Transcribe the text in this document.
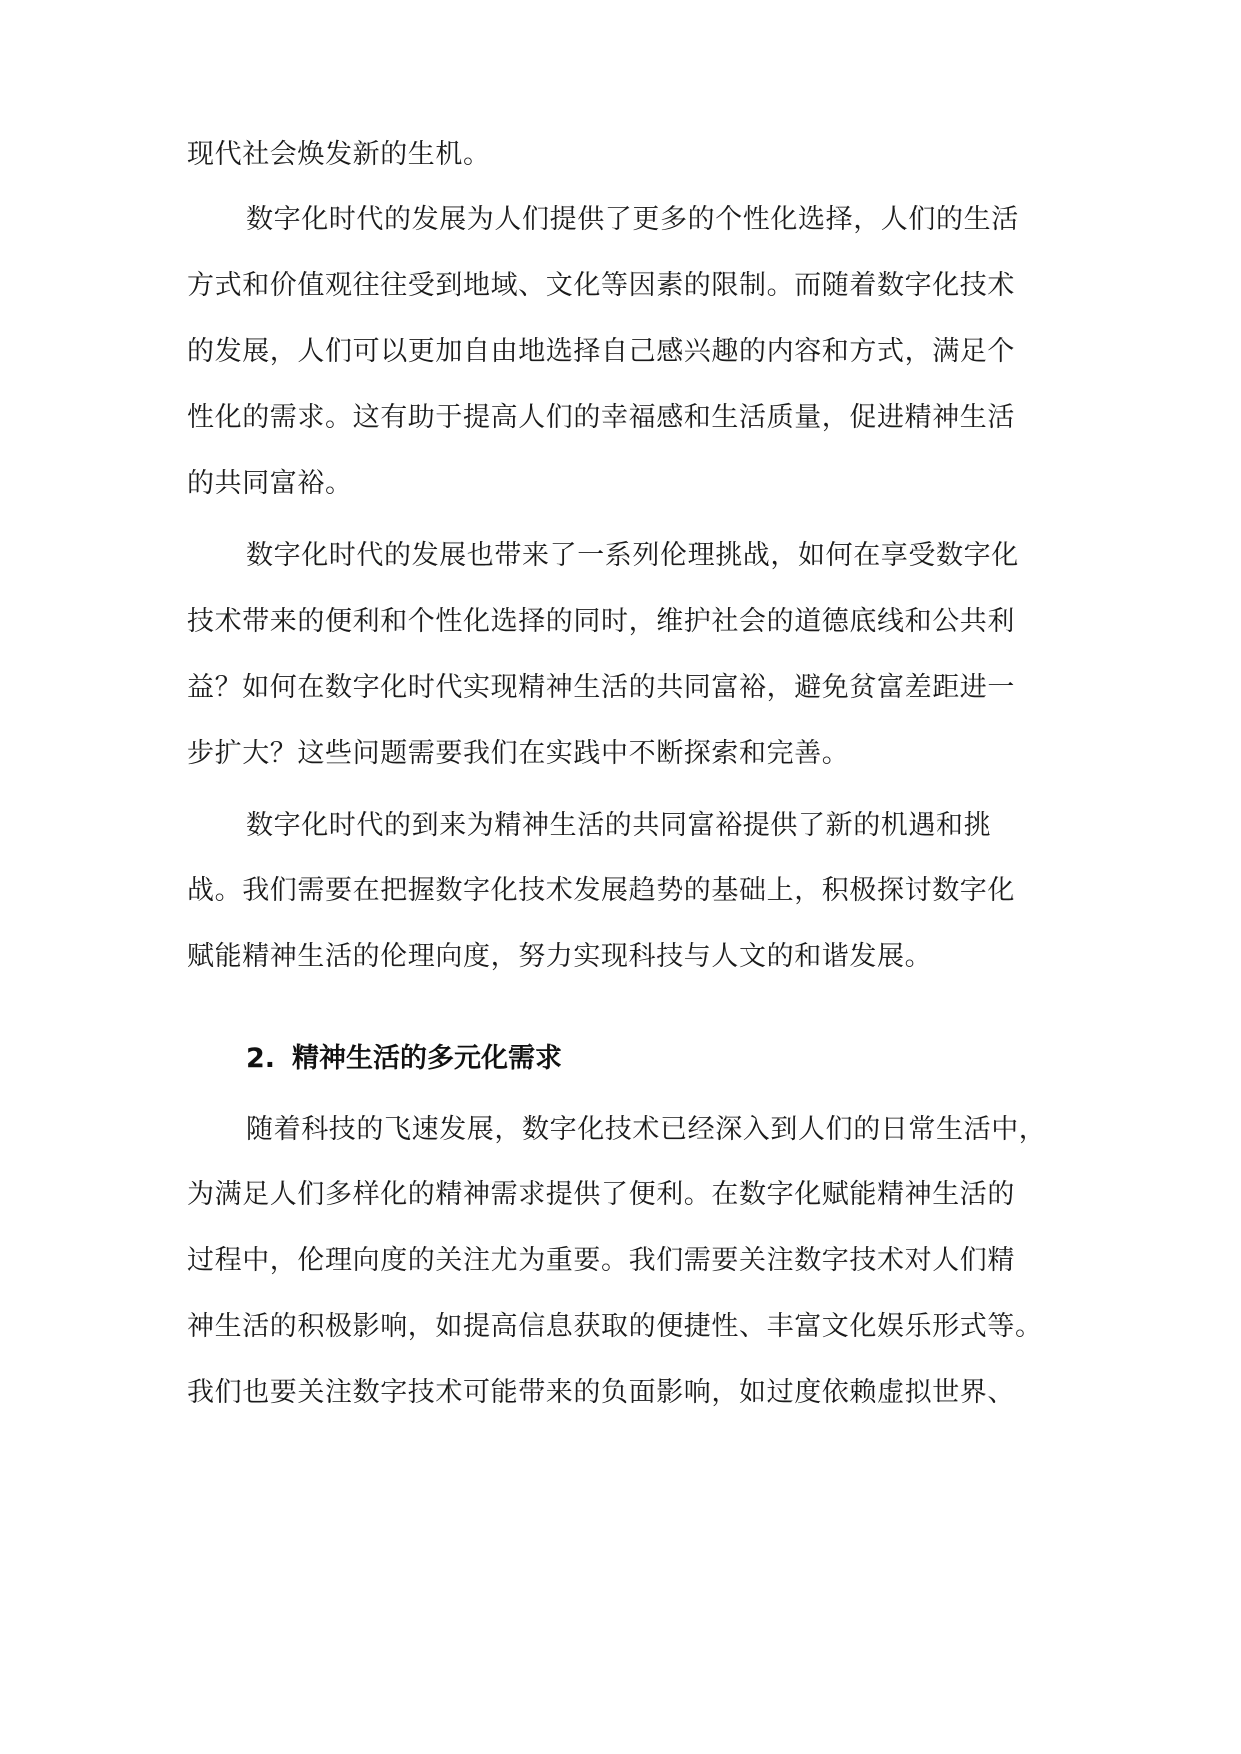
现代社会焕发新的生机。
数字化时代的发展为人们提供了更多的个性化选择，人们的生活
方式和价值观往往受到地域、文化等因素的限制。而随着数字化技术
的发展，人们可以更加自由地选择自己感兴趣的内容和方式，满足个
性化的需求。这有助于提高人们的幸福感和生活质量，促进精神生活
的共同富裕。
数字化时代的发展也带来了一系列伦理挑战，如何在享受数字化
技术带来的便利和个性化选择的同时，维护社会的道德底线和公共利
益？如何在数字化时代实现精神生活的共同富裕，避免贫富差距进一
步扩大？这些问题需要我们在实践中不断探索和完善。
数字化时代的到来为精神生活的共同富裕提供了新的机遇和挑
战。我们需要在把握数字化技术发展趋势的基础上，积极探讨数字化
赋能精神生活的伦理向度，努力实现科技与人文的和谐发展。
2. 精神生活的多元化需求
随着科技的飞速发展，数字化技术已经深入到人们的日常生活中，
为满足人们多样化的精神需求提供了便利。在数字化赋能精神生活的
过程中，伦理向度的关注尤为重要。我们需要关注数字技术对人们精
神生活的积极影响，如提高信息获取的便捷性、丰富文化娱乐形式等。
我们也要关注数字技术可能带来的负面影响，如过度依赖虚拟世界、
